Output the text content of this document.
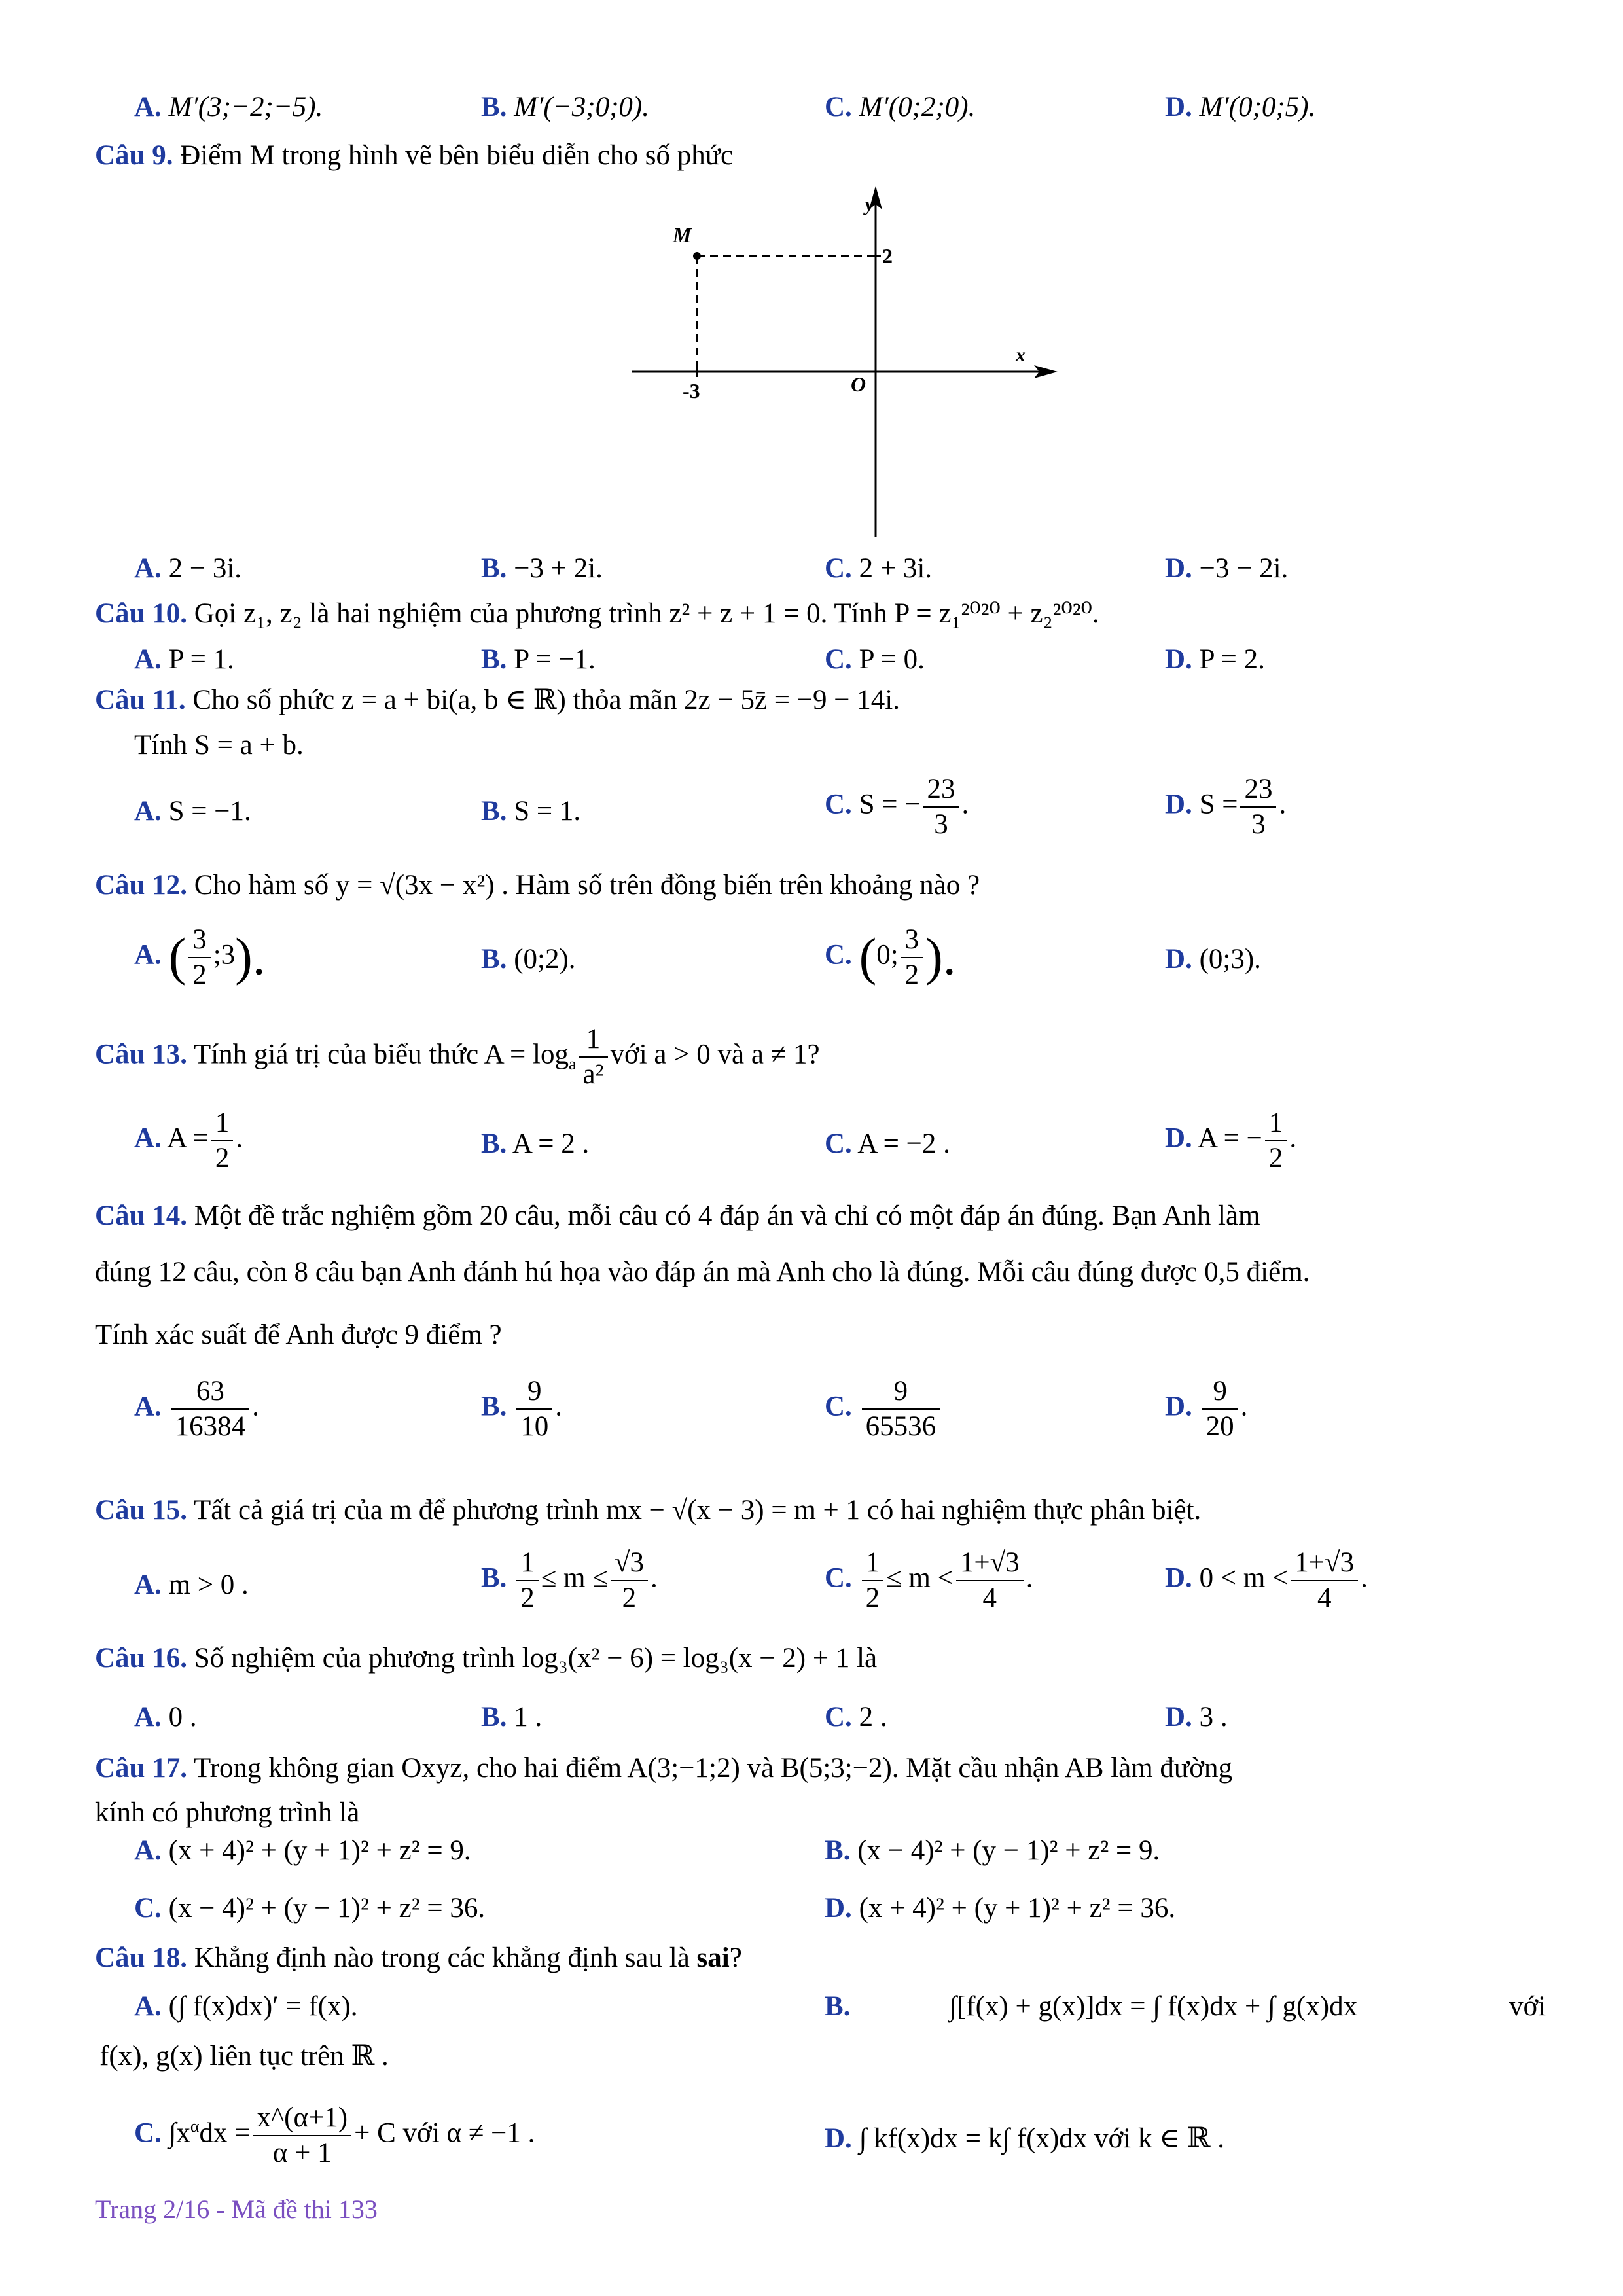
A. M′(3;−2;−5).	B. M′(−3;0;0).	C. M′(0;2;0).	D. M′(0;0;5).
Câu 9. Điểm M trong hình vẽ bên biểu diễn cho số phức
M
y
x
O
2
-3
A. 2 − 3i.	B. −3 + 2i.	C. 2 + 3i.	D. −3 − 2i.
Câu 10. Gọi z₁, z₂ là hai nghiệm của phương trình z² + z + 1 = 0. Tính P = z₁²⁰²⁰ + z₂²⁰²⁰.
A. P = 1.	B. P = −1.	C. P = 0.	D. P = 2.
Câu 11. Cho số phức z = a + bi(a, b ∈ ℝ) thỏa mãn 2z − 5z̄ = −9 − 14i.
Tính S = a + b.
A. S = −1.	B. S = 1.	C. S = − $\frac{23}{3}$ .	D. $S = \frac{23}{3}$ .
Câu 12. Cho hàm số y = √(3x − x²) . Hàm số trên đồng biến trên khoảng nào ?
A. ( $\frac{3}{2}$ ;3).	B. (0;2).	C. (0; $\frac{3}{2}$ ).	D. (0;3).
Câu 13. Tính giá trị của biểu thức $A = \log_a \frac{1}{\text{a²}}$ với a > 0 và a ≠ 1?
A. $A = \frac{1}{2}$ .	B. A = 2 .	C. A = −2 .	D. A = − $\frac{1}{2}$ .
Câu 14. Một đề trắc nghiệm gồm 20 câu, mỗi câu có 4 đáp án và chỉ có một đáp án đúng. Bạn Anh làm
đúng 12 câu, còn 8 câu bạn Anh đánh hú họa vào đáp án mà Anh cho là đúng. Mỗi câu đúng được 0,5 điểm.
Tính xác suất để Anh được 9 điểm ?
A. $\frac{63}{16384}$ .	B. $\frac{9}{10}$ .	C. $\frac{9}{65536}$	D. $\frac{9}{20}$ .
Câu 15. Tất cả giá trị của m để phương trình mx − √(x − 3) = m + 1 có hai nghiệm thực phân biệt.
A. m > 0 .	B. $\frac{1}{2} \le m \le \frac{√3}{2}$ .	C. $\frac{1}{2} \le m < \frac{1+√3}{4}$ .	D. $0 < m < \frac{1+√3}{4}$ .
Câu 16. Số nghiệm của phương trình log₃(x² − 6) = log₃(x − 2) + 1 là
A. 0 .	B. 1 .	C. 2 .	D. 3 .
Câu 17. Trong không gian Oxyz, cho hai điểm A(3;−1;2) và B(5;3;−2). Mặt cầu nhận AB làm đường
kính có phương trình là
A. (x + 4)² + (y + 1)² + z² = 9.	B. (x − 4)² + (y − 1)² + z² = 9.
C. (x − 4)² + (y − 1)² + z² = 36.	D. (x + 4)² + (y + 1)² + z² = 36.
Câu 18. Khẳng định nào trong các khẳng định sau là sai?
A. (∫ f(x)dx)′ = f(x).	B.	∫[f(x) + g(x)]dx = ∫ f(x)dx + ∫ g(x)dx	với
f(x), g(x) liên tục trên ℝ .
C. $\int x^\alpha dx = \frac{x\^{}(\alpha+1)}{\alpha + 1} + C$ với α ≠ −1 .	D. ∫ kf(x)dx = k∫ f(x)dx với k ∈ ℝ .
Trang 2/16 - Mã đề thi 133
